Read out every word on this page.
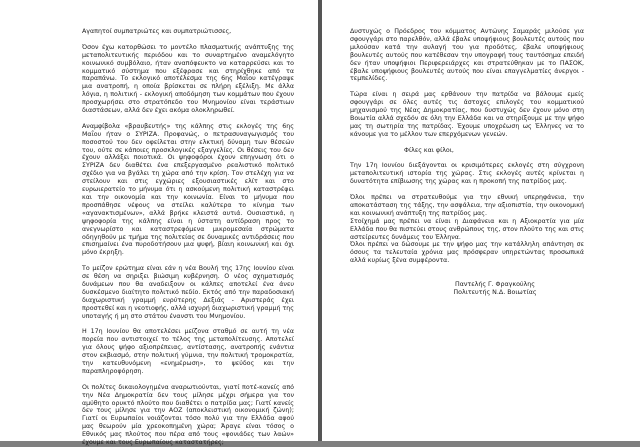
Αγαπητοί συμπατριώτες και συμπατριώτισσες,

Όσον έχω κατορθώσει το μοντέλο πλασματικής ανάπτυξης της μεταπολιτευτικής περιόδου και το συναρτημένο αναμελόγητο κοινωνικό συμβόλαιο, ήταν αναπόφευκτο να καταρρεύσει και το κομματικό σύστημα που εξέφρασε και στηρίχθηκε από τα παραπάνω. Το εκλογικό αποτέλεσμα της 6ης Μαΐου κατέγραψε μια ανατροπή, η οποία βρίσκεται σε πλήρη εξέλιξη. Με άλλα λόγια, η πολιτική - εκλογική αποδόμηση των κομμάτων που έχουν προσχωρήσει στο στρατόπεδο του Μνημονίου είναι τεράστιων διαστάσεων, αλλά δεν έχει ακόμα ολοκληρωθεί.

Αναμφίβολα «βραυβευτής» της κάλπης στις εκλογές της 6ης Μαΐου ήταν ο ΣΥΡΙΖΑ. Προφανώς, ο πετρασυναγωγισμός του ποσοστού του δεν οφείλεται στην ελκτική δύναμη των θέσεών του, ούτε σε κάποιες προσκλογικές εξαγγελίες. Οι θέσεις του δεν έχουν αλλάξει ποιοτικά. Οι ψηφοφόροι έχουν επηγνωση ότι ο ΣΥΡΙΖΑ δεν διαθέτει ένα επεξεργασμένο ρεαλιστικό πολιτικό σχέδιο για να βγάλει τη χώρα από την κρίση. Τον στελέχη για να στείλουν και στις εγχώριες εξουσιαστικές ελίτ και στο ευρωιερατείο το μήνυμα ότι η ασκούμενη πολιτική καταστρέφει και την οικονομία και την κοινωνία. Είναι το μήνυμα που προσπάθησε νέφους να στείλει καλύτερα το κίνημα των «αγανακτισμένων», αλλά βρήκε κλειστά αυτιά. Ουσιαστικά, η ψηφοφορία της κάλπης είναι η ύστατη αντίδραση προς το ανεγνωρίστο και καταστρεφόμενα μικρομεσαία στρώματα οδηγηθούν με τμήμα της πολιτείας σε δυναμικές αντιδράσεις που επισημαίνει ένα πυροδοτήσουν μια ψυφή, βίαιη κοινωνική και όχι μόνο έκρηξη.

Το μείζον ερώτημα είναι εάν η νέα Βουλή της 17ης Ιουνίου είναι σε θέση να σηριξει βιώσιμη κυβέρνηση. Ο νέος σχηματισμός δυνάμεων που θα αναδειξουν οι κάλπες αποτελεί ένα άνευ δυσκέσμενο διαίτητο πολιτικό πεδίο. Εκτός από την παραδοσιακή διαχωριστική γραμμή ευρύτερης Δεξιάς - Αριστεράς έχει προστεθεί και η νεοτιοφής, αλλά ισχυρή διαχωριστική γραμμή της υποταγής ή μη στο στάτου ένανστι του Μνημονίου.

Η 17η Ιουνίου θα αποτελέσει μείζονα σταθμό σε αυτή τη νέα πορεία που αντιστοιχεί το τέλος της μεταπολίτευσης. Αποτελεί για όλους ψήφο αξιοπρέπειας, αντίστασης, ανατροπής ενάντια στον εκβιασμό, στην πολιτική γύμνια, την πολιτική τρομοκρατία, την κατευθυνόμενη «ενημέρωση», το ψεύδος και την παραπληροφόρηση.

Οι πολίτες δικαιολογημένα αναρωτιούνται, γιατί ποτέ-κανείς από την Νέα Δημοκρατία δεν τους μίλησε μέχρι σήμερα για τον αμύθητο ορυκτό πλούτο που διαθέτει ο πατρίδα μας; Γιατί κανείς δεν τους μίλησε για την ΑΟΖ (αποκλειστική οικονομική ζώνη); Γιατί οι Ευρωπαίοι νοιάζονται τόσο πολύ για την Ελλάδα αφού μας θεωρούν μία χρεοκοπημένη χώρα; Άραγε είναι τόσος ο Εθνικός μας πλούτος που πέρα από τους «φονιάδες των λαών» έχουμε και τους Ευρωπαίους καταστατήρες;

Δυστυχώς ο Πρόεδρος του κόμματος Αντώνης Σαμαράς μιλούσε για σφουγγάρι στο παρελθόν, αλλά έβαλε υποψήφιους βουλευτές αυτούς που μιλούσαν κατά την αυλαγή του για προδότες, έβαλε υποψήφιους βουλευτές αυτούς που κατέθεσαν την υπογραφή τους ταυτόσημα επειδή δεν ήταν υποψήφιοι Περιφερειάρχες και στρατεύθηκαν με το ΠΑΣΟΚ, έβαλε υποψήφιους βουλευτές αυτούς που είναι επαγγελματίες άνεργοι - τεμπελίδες.

Τώρα είναι η σειρά μας ερθάνουν την πατρίδα να βάλουμε εμείς σφουγγάρι σε όλες αυτές τις άστοχες επιλογές του κομματικού μηχανισμού της Νέας Δημοκρατίας, που δυστυχώς δεν έχουν μόνο στη Βοιωτία αλλά σχεδόν σε όλη την Ελλάδα και να στηρίξουμε με την ψήφο μας τη σωτηρία της πατρίδας. Έχουμε υποχρέωση ως Έλληνες να το κάνουμε για το μέλλον των επερχόμενων γενεών.

Φίλες και φίλοι,

Την 17η Ιουνίου διεξάγονται οι κρισιμότερες εκλογές στη σύγχρονη μεταπολιτευτική ιστορία της χώρας. Στις εκλογές αυτές κρίνεται η δυνατότητα επίβιωσης της χώρας και η προκοπή της πατρίδος μας.

Όλοι πρέπει να στρατευθούμε για την εθνική υπερηφάνεια, την αποκατάσταση της τάξης, την ασφάλεια, την αξιοπιστία, την οικονομική και κοινωνική ανάπτυξη της πατρίδος μας.

Στοίχημά μας πρέπει να είναι η Διαφάνεια και η Αξιοκρατία για μία Ελλάδα που θα πιστεύει στους ανθρώπους της, στον πλούτο της και στις αστείρευτες δυνάμεις του Έλληνα.

Όλοι πρέπει να δώσουμε με την ψήφο μας την κατάλληλη απάντηση σε όσους τα τελευταία χρόνια μας πρόσφεραν υπηρετώντας προσωπικά αλλά κυρίως ξένα συμφέροντα.

Παντελής Γ. Φραγκούλης

Πολιτευτής Ν.Δ. Βοιωτίας
